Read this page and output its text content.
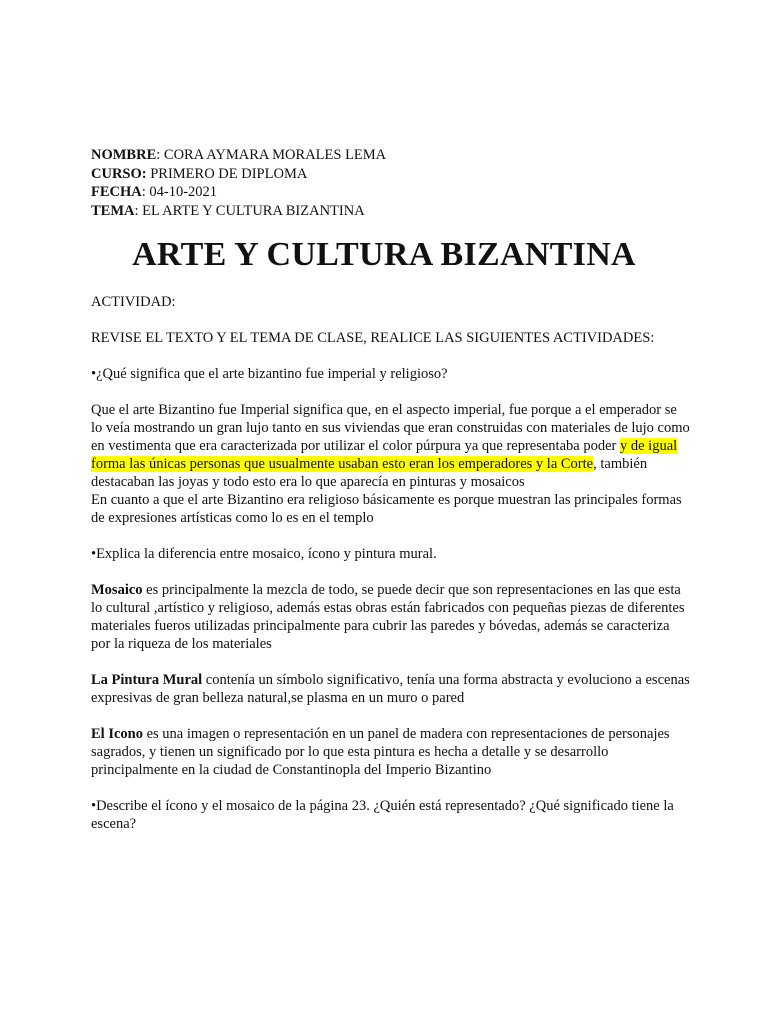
NOMBRE: CORA AYMARA MORALES LEMA
CURSO: PRIMERO DE DIPLOMA
FECHA: 04-10-2021
TEMA: EL ARTE Y CULTURA BIZANTINA
ARTE Y CULTURA BIZANTINA

ACTIVIDAD:

REVISE EL TEXTO Y EL TEMA DE CLASE, REALICE LAS SIGUIENTES ACTIVIDADES:

•¿Qué significa que el arte bizantino fue imperial y religioso?

Que el arte Bizantino fue Imperial significa que, en el aspecto imperial, fue porque a el emperador se lo veía mostrando un gran lujo tanto en sus viviendas que eran construidas con materiales de lujo como en vestimenta que era caracterizada por utilizar el color púrpura ya que representaba poder y de igual forma las únicas personas que usualmente usaban esto eran los emperadores y la Corte, también destacaban las joyas y todo esto era lo que aparecía en pinturas y mosaicos

En cuanto a que el arte Bizantino era religioso básicamente es porque muestran las principales formas de expresiones artísticas como lo es en el templo

•Explica la diferencia entre mosaico, ícono y pintura mural.

Mosaico es principalmente la mezcla de todo, se puede decir que son representaciones en las que esta lo cultural ,artístico y religioso, además estas obras están fabricados con pequeñas piezas de diferentes materiales fueros utilizadas principalmente para cubrir las paredes y bóvedas, además se caracteriza por la riqueza de los materiales

La Pintura Mural contenía un símbolo significativo, tenía una forma abstracta y evoluciono a escenas expresivas de gran belleza natural,se plasma en un muro o pared

El Icono es una imagen o representación en un panel de madera con representaciones de personajes sagrados, y tienen un significado por lo que esta pintura es hecha a detalle y se desarrollo principalmente en la ciudad de Constantinopla del Imperio Bizantino

•Describe el ícono y el mosaico de la página 23. ¿Quién está representado? ¿Qué significado tiene la escena?
